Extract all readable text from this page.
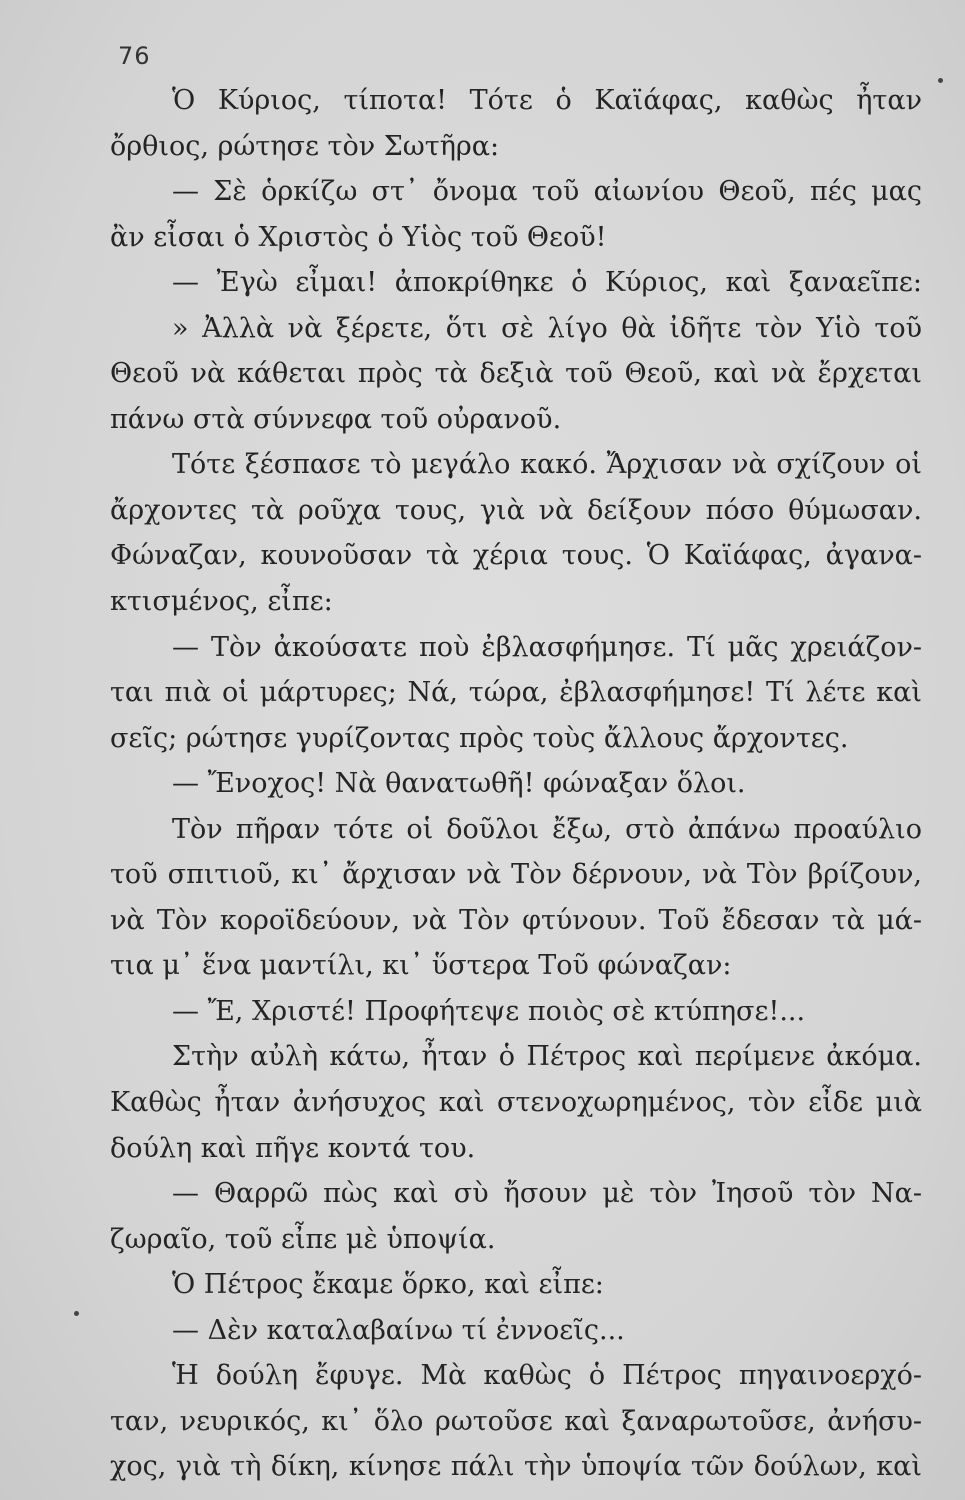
76
Ὁ Κύριος, τίποτα! Τότε ὁ Καϊάφας, καθὼς ἦταν
ὄρθιος, ρώτησε τὸν Σωτῆρα:
— Σὲ ὁρκίζω στ᾽ ὄνομα τοῦ αἰωνίου Θεοῦ, πές μας
ἂν εἶσαι ὁ Χριστὸς ὁ Υἱὸς τοῦ Θεοῦ!
— Ἐγὼ εἶμαι! ἀποκρίθηκε ὁ Κύριος, καὶ ξαναεῖπε:
» Ἀλλὰ νὰ ξέρετε, ὅτι σὲ λίγο θὰ ἰδῆτε τὸν Υἱὸ τοῦ
Θεοῦ νὰ κάθεται πρὸς τὰ δεξιὰ τοῦ Θεοῦ, καὶ νὰ ἔρχεται
πάνω στὰ σύννεφα τοῦ οὐρανοῦ.
Τότε ξέσπασε τὸ μεγάλο κακό. Ἄρχισαν νὰ σχίζουν οἱ
ἄρχοντες τὰ ροῦχα τους, γιὰ νὰ δείξουν πόσο θύμωσαν.
Φώναζαν, κουνοῦσαν τὰ χέρια τους. Ὁ Καϊάφας, ἀγανα-
κτισμένος, εἶπε:
— Τὸν ἀκούσατε ποὺ ἐβλασφήμησε. Τί μᾶς χρειάζον-
ται πιὰ οἱ μάρτυρες; Νά, τώρα, ἐβλασφήμησε! Τί λέτε καὶ
σεῖς; ρώτησε γυρίζοντας πρὸς τοὺς ἄλλους ἄρχοντες.
— Ἔνοχος! Νὰ θανατωθῆ! φώναξαν ὅλοι.
Τὸν πῆραν τότε οἱ δοῦλοι ἔξω, στὸ ἀπάνω προαύλιο
τοῦ σπιτιοῦ, κι᾽ ἄρχισαν νὰ Τὸν δέρνουν, νὰ Τὸν βρίζουν,
νὰ Τὸν κοροϊδεύουν, νὰ Τὸν φτύνουν. Τοῦ ἔδεσαν τὰ μά-
τια μ᾽ ἕνα μαντίλι, κι᾽ ὕστερα Τοῦ φώναζαν:
— Ἔ, Χριστέ! Προφήτεψε ποιὸς σὲ κτύπησε!...
Στὴν αὐλὴ κάτω, ἦταν ὁ Πέτρος καὶ περίμενε ἀκόμα.
Καθὼς ἦταν ἀνήσυχος καὶ στενοχωρημένος, τὸν εἶδε μιὰ
δούλη καὶ πῆγε κοντά του.
— Θαρρῶ πὼς καὶ σὺ ἤσουν μὲ τὸν Ἰησοῦ τὸν Να-
ζωραῖο, τοῦ εἶπε μὲ ὑποψία.
Ὁ Πέτρος ἔκαμε ὅρκο, καὶ εἶπε:
— Δὲν καταλαβαίνω τί ἐννοεῖς...
Ἡ δούλη ἔφυγε. Μὰ καθὼς ὁ Πέτρος πηγαινοερχό-
ταν, νευρικός, κι᾽ ὅλο ρωτοῦσε καὶ ξαναρωτοῦσε, ἀνήσυ-
χος, γιὰ τὴ δίκη, κίνησε πάλι τὴν ὑποψία τῶν δούλων, καὶ
